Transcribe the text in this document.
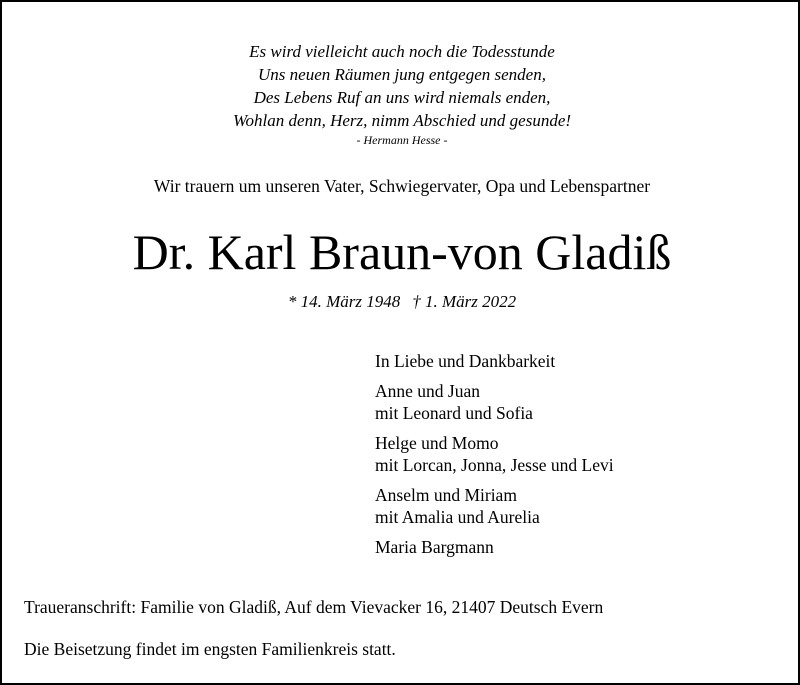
Es wird vielleicht auch noch die Todesstunde
Uns neuen Räumen jung entgegen senden,
Des Lebens Ruf an uns wird niemals enden,
Wohlan denn, Herz, nimm Abschied und gesunde!
- Hermann Hesse -
Wir trauern um unseren Vater, Schwiegervater, Opa und Lebenspartner
Dr. Karl Braun-von Gladiß
* 14. März 1948 † 1. März 2022
In Liebe und Dankbarkeit
Anne und Juan
mit Leonard und Sofia
Helge und Momo
mit Lorcan, Jonna, Jesse und Levi
Anselm und Miriam
mit Amalia und Aurelia
Maria Bargmann
Traueranschrift: Familie von Gladiß, Auf dem Vievacker 16, 21407 Deutsch Evern
Die Beisetzung findet im engsten Familienkreis statt.
